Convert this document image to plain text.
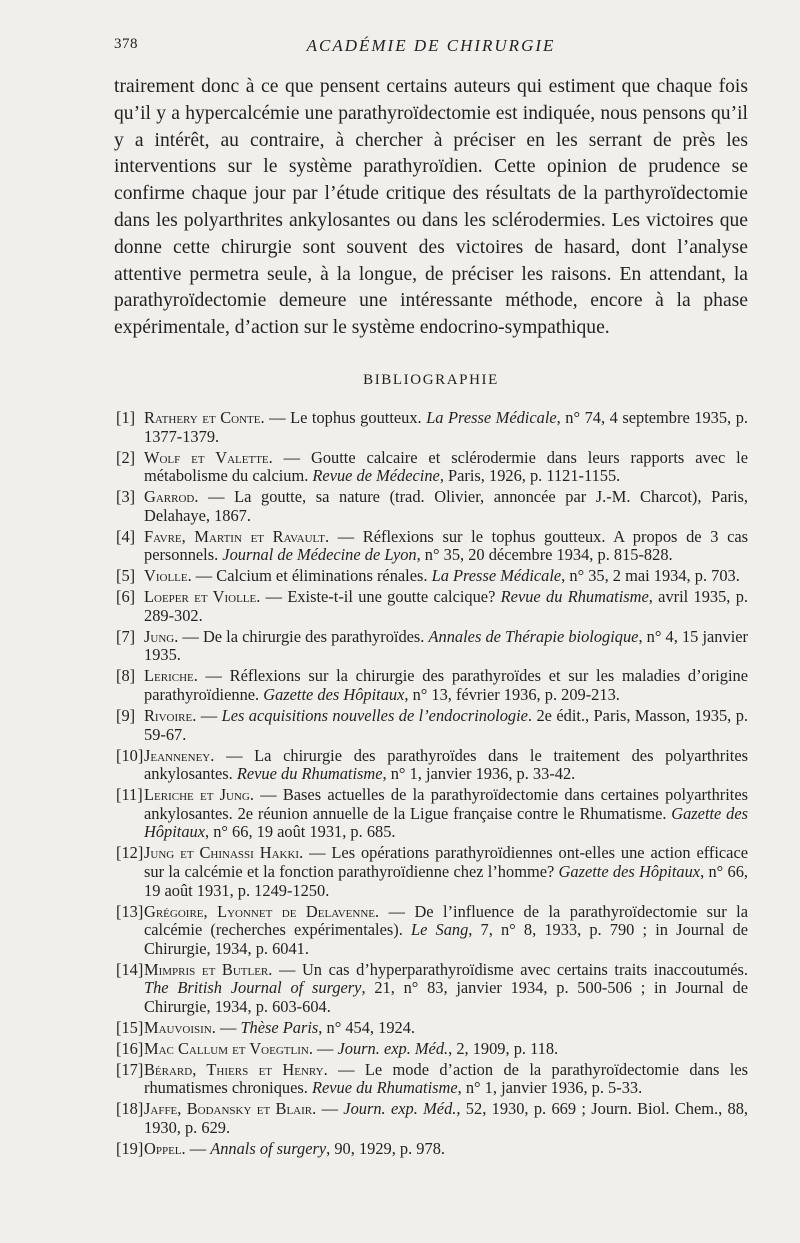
378	ACADÉMIE DE CHIRURGIE

trairement donc à ce que pensent certains auteurs qui estiment que chaque fois qu’il y a hypercalcémie une parathyroïdectomie est indiquée, nous pensons qu’il y a intérêt, au contraire, à chercher à préciser en les serrant de près les interventions sur le système parathyroïdien. Cette opinion de prudence se confirme chaque jour par l’étude critique des résultats de la parthyroïdectomie dans les polyarthrites ankylosantes ou dans les sclérodermies. Les victoires que donne cette chirurgie sont souvent des victoires de hasard, dont l’analyse attentive permetra seule, à la longue, de préciser les raisons. En attendant, la parathyroïdectomie demeure une intéressante méthode, encore à la phase expérimentale, d’action sur le système endocrino-sympathique.

BIBLIOGRAPHIE
[1] Rathery et Conte. — Le tophus goutteux. La Presse Médicale, n° 74, 4 septembre 1935, p. 1377-1379.
[2] Wolf et Valette. — Goutte calcaire et sclérodermie dans leurs rapports avec le métabolisme du calcium. Revue de Médecine, Paris, 1926, p. 1121-1155.
[3] Garrod. — La goutte, sa nature (trad. Olivier, annoncée par J.-M. Charcot), Paris, Delahaye, 1867.
[4] Favre, Martin et Ravault. — Réflexions sur le tophus goutteux. A propos de 3 cas personnels. Journal de Médecine de Lyon, n° 35, 20 décembre 1934, p. 815-828.
[5] Violle. — Calcium et éliminations rénales. La Presse Médicale, n° 35, 2 mai 1934, p. 703.
[6] Loeper et Violle. — Existe-t-il une goutte calcique? Revue du Rhumatisme, avril 1935, p. 289-302.
[7] Jung. — De la chirurgie des parathyroïdes. Annales de Thérapie biologique, n° 4, 15 janvier 1935.
[8] Leriche. — Réflexions sur la chirurgie des parathyroïdes et sur les maladies d’origine parathyroïdienne. Gazette des Hôpitaux, n° 13, février 1936, p. 209-213.
[9] Rivoire. — Les acquisitions nouvelles de l’endocrinologie. 2e édit., Paris, Masson, 1935, p. 59-67.
[10]Jeanneney. — La chirurgie des parathyroïdes dans le traitement des polyarthrites ankylosantes. Revue du Rhumatisme, n° 1, janvier 1936, p. 33-42.
[11]Leriche et Jung. — Bases actuelles de la parathyroïdectomie dans certaines polyarthrites ankylosantes. 2e réunion annuelle de la Ligue française contre le Rhumatisme. Gazette des Hôpitaux, n° 66, 19 août 1931, p. 685.
[12]Jung et Chinassi Hakki. — Les opérations parathyroïdiennes ont-elles une action efficace sur la calcémie et la fonction parathyroïdienne chez l’homme? Gazette des Hôpitaux, n° 66, 19 août 1931, p. 1249-1250.
[13]Grégoire, Lyonnet de Delavenne. — De l’influence de la parathyroïdectomie sur la calcémie (recherches expérimentales). Le Sang, 7, n° 8, 1933, p. 790 ; in Journal de Chirurgie, 1934, p. 6041.
[14]Mimpris et Butler. — Un cas d’hyperparathyroïdisme avec certains traits inaccoutumés. The British Journal of surgery, 21, n° 83, janvier 1934, p. 500-506 ; in Journal de Chirurgie, 1934, p. 603-604.
[15]Mauvoisin. — Thèse Paris, n° 454, 1924.
[16]Mac Callum et Voegtlin. — Journ. exp. Méd., 2, 1909, p. 118.
[17]Bérard, Thiers et Henry. — Le mode d’action de la parathyroïdectomie dans les rhumatismes chroniques. Revue du Rhumatisme, n° 1, janvier 1936, p. 5-33.
[18]Jaffe, Bodansky et Blair. — Journ. exp. Méd., 52, 1930, p. 669 ; Journ. Biol. Chem., 88, 1930, p. 629.
[19]Oppel. — Annals of surgery, 90, 1929, p. 978.
